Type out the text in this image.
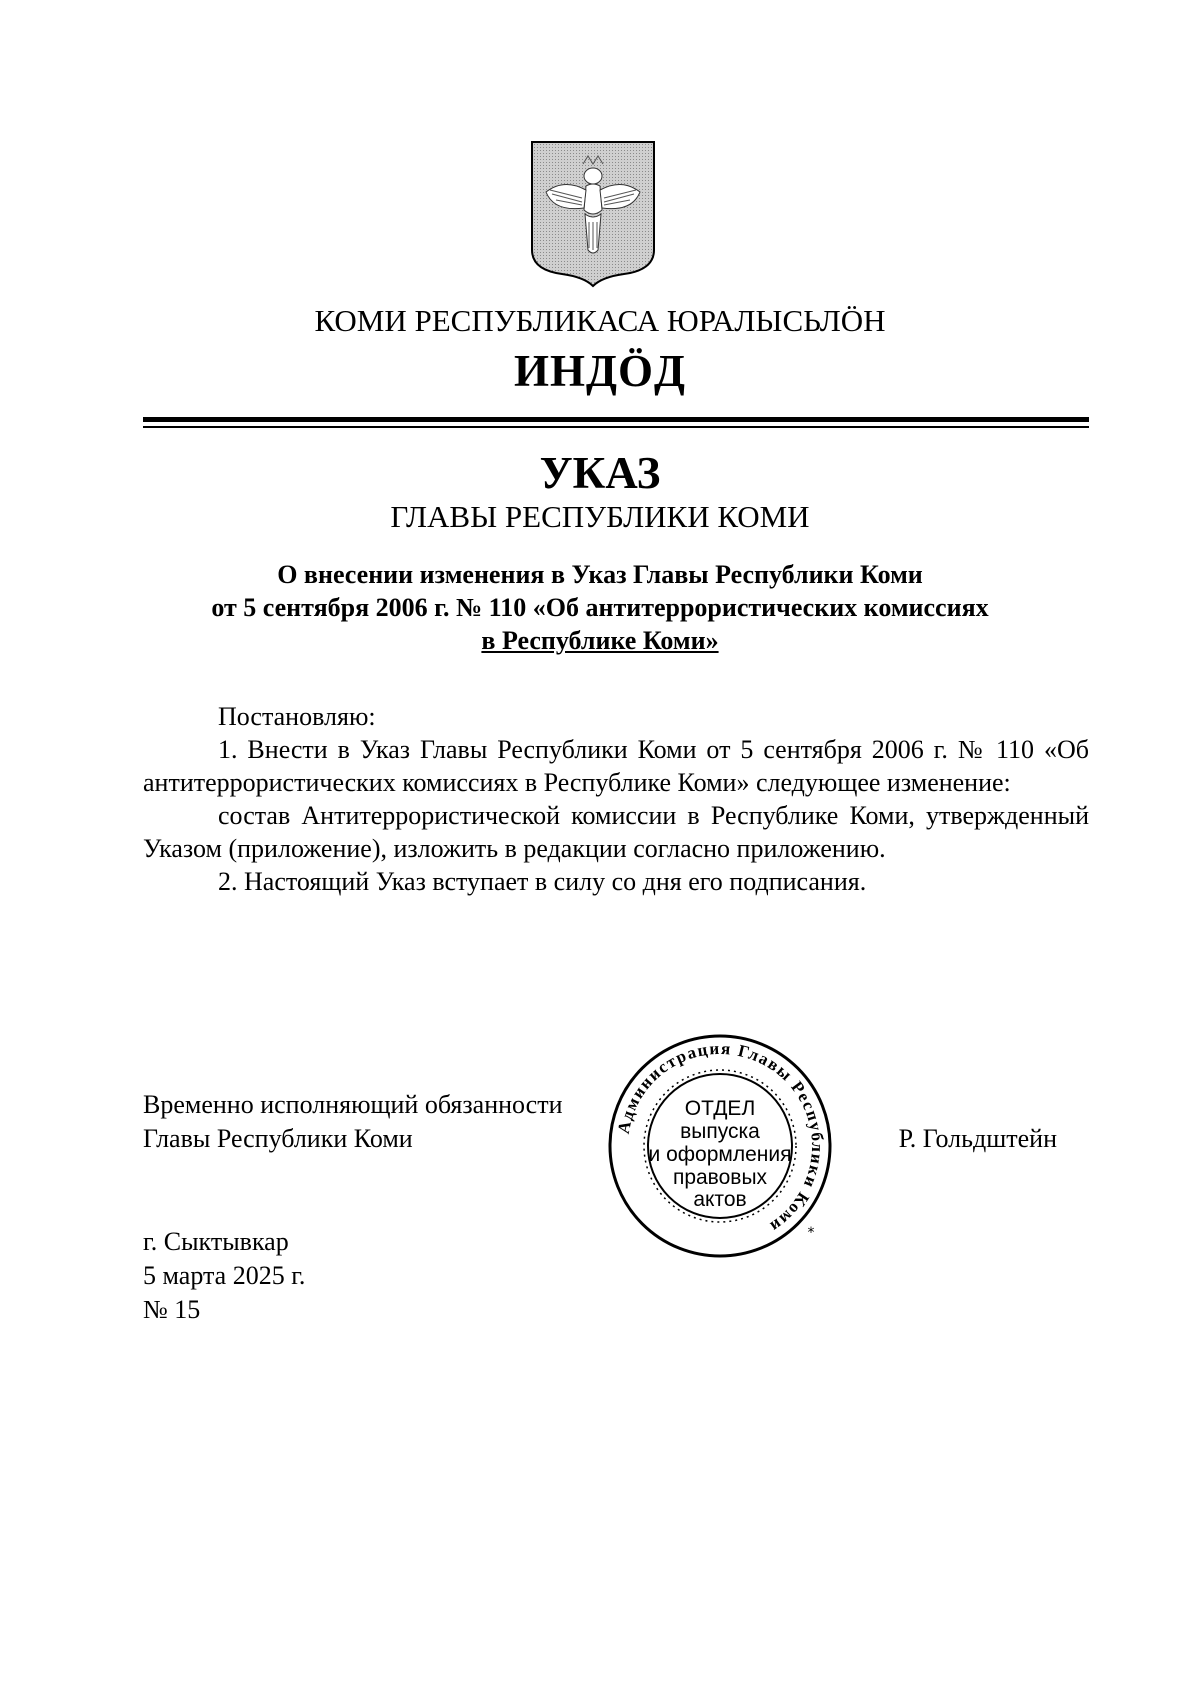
КОМИ РЕСПУБЛИКАСА ЮРАЛЫСЬЛӦН
ИНДӦД
УКАЗ
ГЛАВЫ РЕСПУБЛИКИ КОМИ
О внесении изменения в Указ Главы Республики Коми
от 5 сентября 2006 г. № 110 «Об антитеррористических комиссиях
в Республике Коми»

Постановляю:

1. Внести в Указ Главы Республики Коми от 5 сентября 2006 г. № 110 «Об антитеррористических комиссиях в Республике Коми» следующее изменение:

состав Антитеррористической комиссии в Республике Коми, утвержденный Указом (приложение), изложить в редакции согласно приложению.

2. Настоящий Указ вступает в силу со дня его подписания.

Временно исполняющий обязанности
Главы Республики Коми	Р. Гольдштейн
Администрация Главы Республики Коми	*
ОТДЕЛ
выпуска
и оформления
правовых
актов
г. Сыктывкар
5 марта 2025 г.
№ 15
